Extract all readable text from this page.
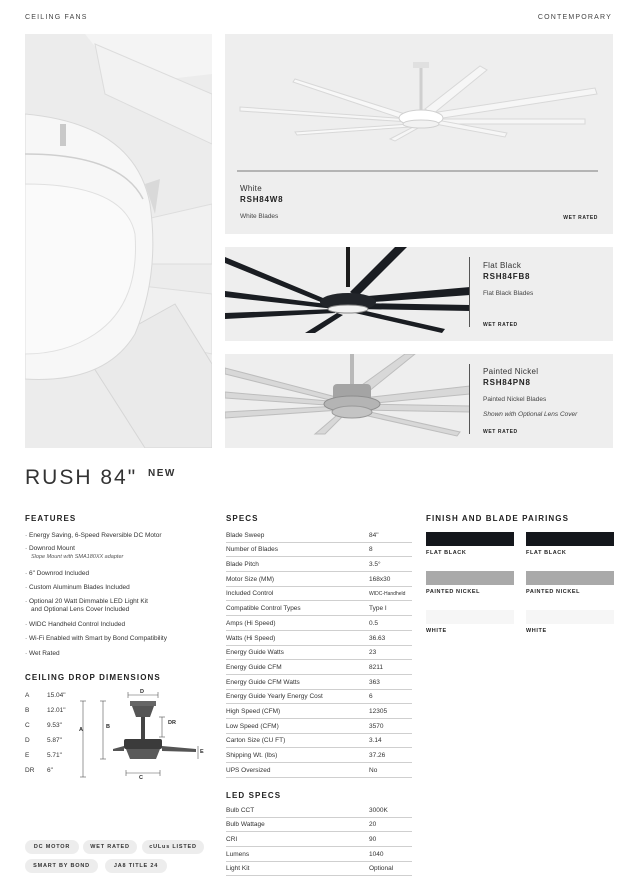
CEILING FANS	CONTEMPORARY
White
RSH84W8
White Blades	WET RATED
Flat Black
RSH84FB8
Flat Black Blades
WET RATED
Painted Nickel
RSH84PN8
Painted Nickel Blades
Shown with Optional Lens Cover
WET RATED
RUSH 84" $^{NEW}$
FEATURES
· Energy Saving, 6-Speed Reversible DC Motor
· Downrod Mount
Slope Mount with SMA180XX adapter
· 6" Downrod Included
· Custom Aluminum Blades Included
· Optional 20 Watt Dimmable LED Light Kit
and Optional Lens Cover Included
· WIDC Handheld Control Included
· Wi-Fi Enabled with Smart by Bond Compatibility
· Wet Rated
CEILING DROP DIMENSIONS
A	15.04"
B	12.01"
C	9.53"
D	5.87"
E	5.71"
DR 6"
A	B
C
D
E
DR
DC MOTOR	WET RATED	cULus LISTED
SMART BY BOND	JA8 TITLE 24
SPECS
Blade Sweep	84"
Number of Blades	8
Blade Pitch	3.5°
Motor Size (MM)	168x30
Included Control	WIDC-Handheld
Compatible Control Types	Type I
Amps (Hi Speed)	0.5
Watts (Hi Speed)	36.63
Energy Guide Watts	23
Energy Guide CFM	8211
Energy Guide CFM Watts	363
Energy Guide Yearly Energy Cost	6
High Speed (CFM)	12305
Low Speed (CFM)	3570
Carton Size (CU FT)	3.14
Shipping Wt. (lbs)	37.26
UPS Oversized	No
LED SPECS
Bulb CCT	3000K
Bulb Wattage	20
CRI	90
Lumens	1040
Light Kit	Optional
FINISH AND BLADE PAIRINGS
FLAT BLACK	FLAT BLACK
PAINTED NICKEL	PAINTED NICKEL
WHITE	WHITE
